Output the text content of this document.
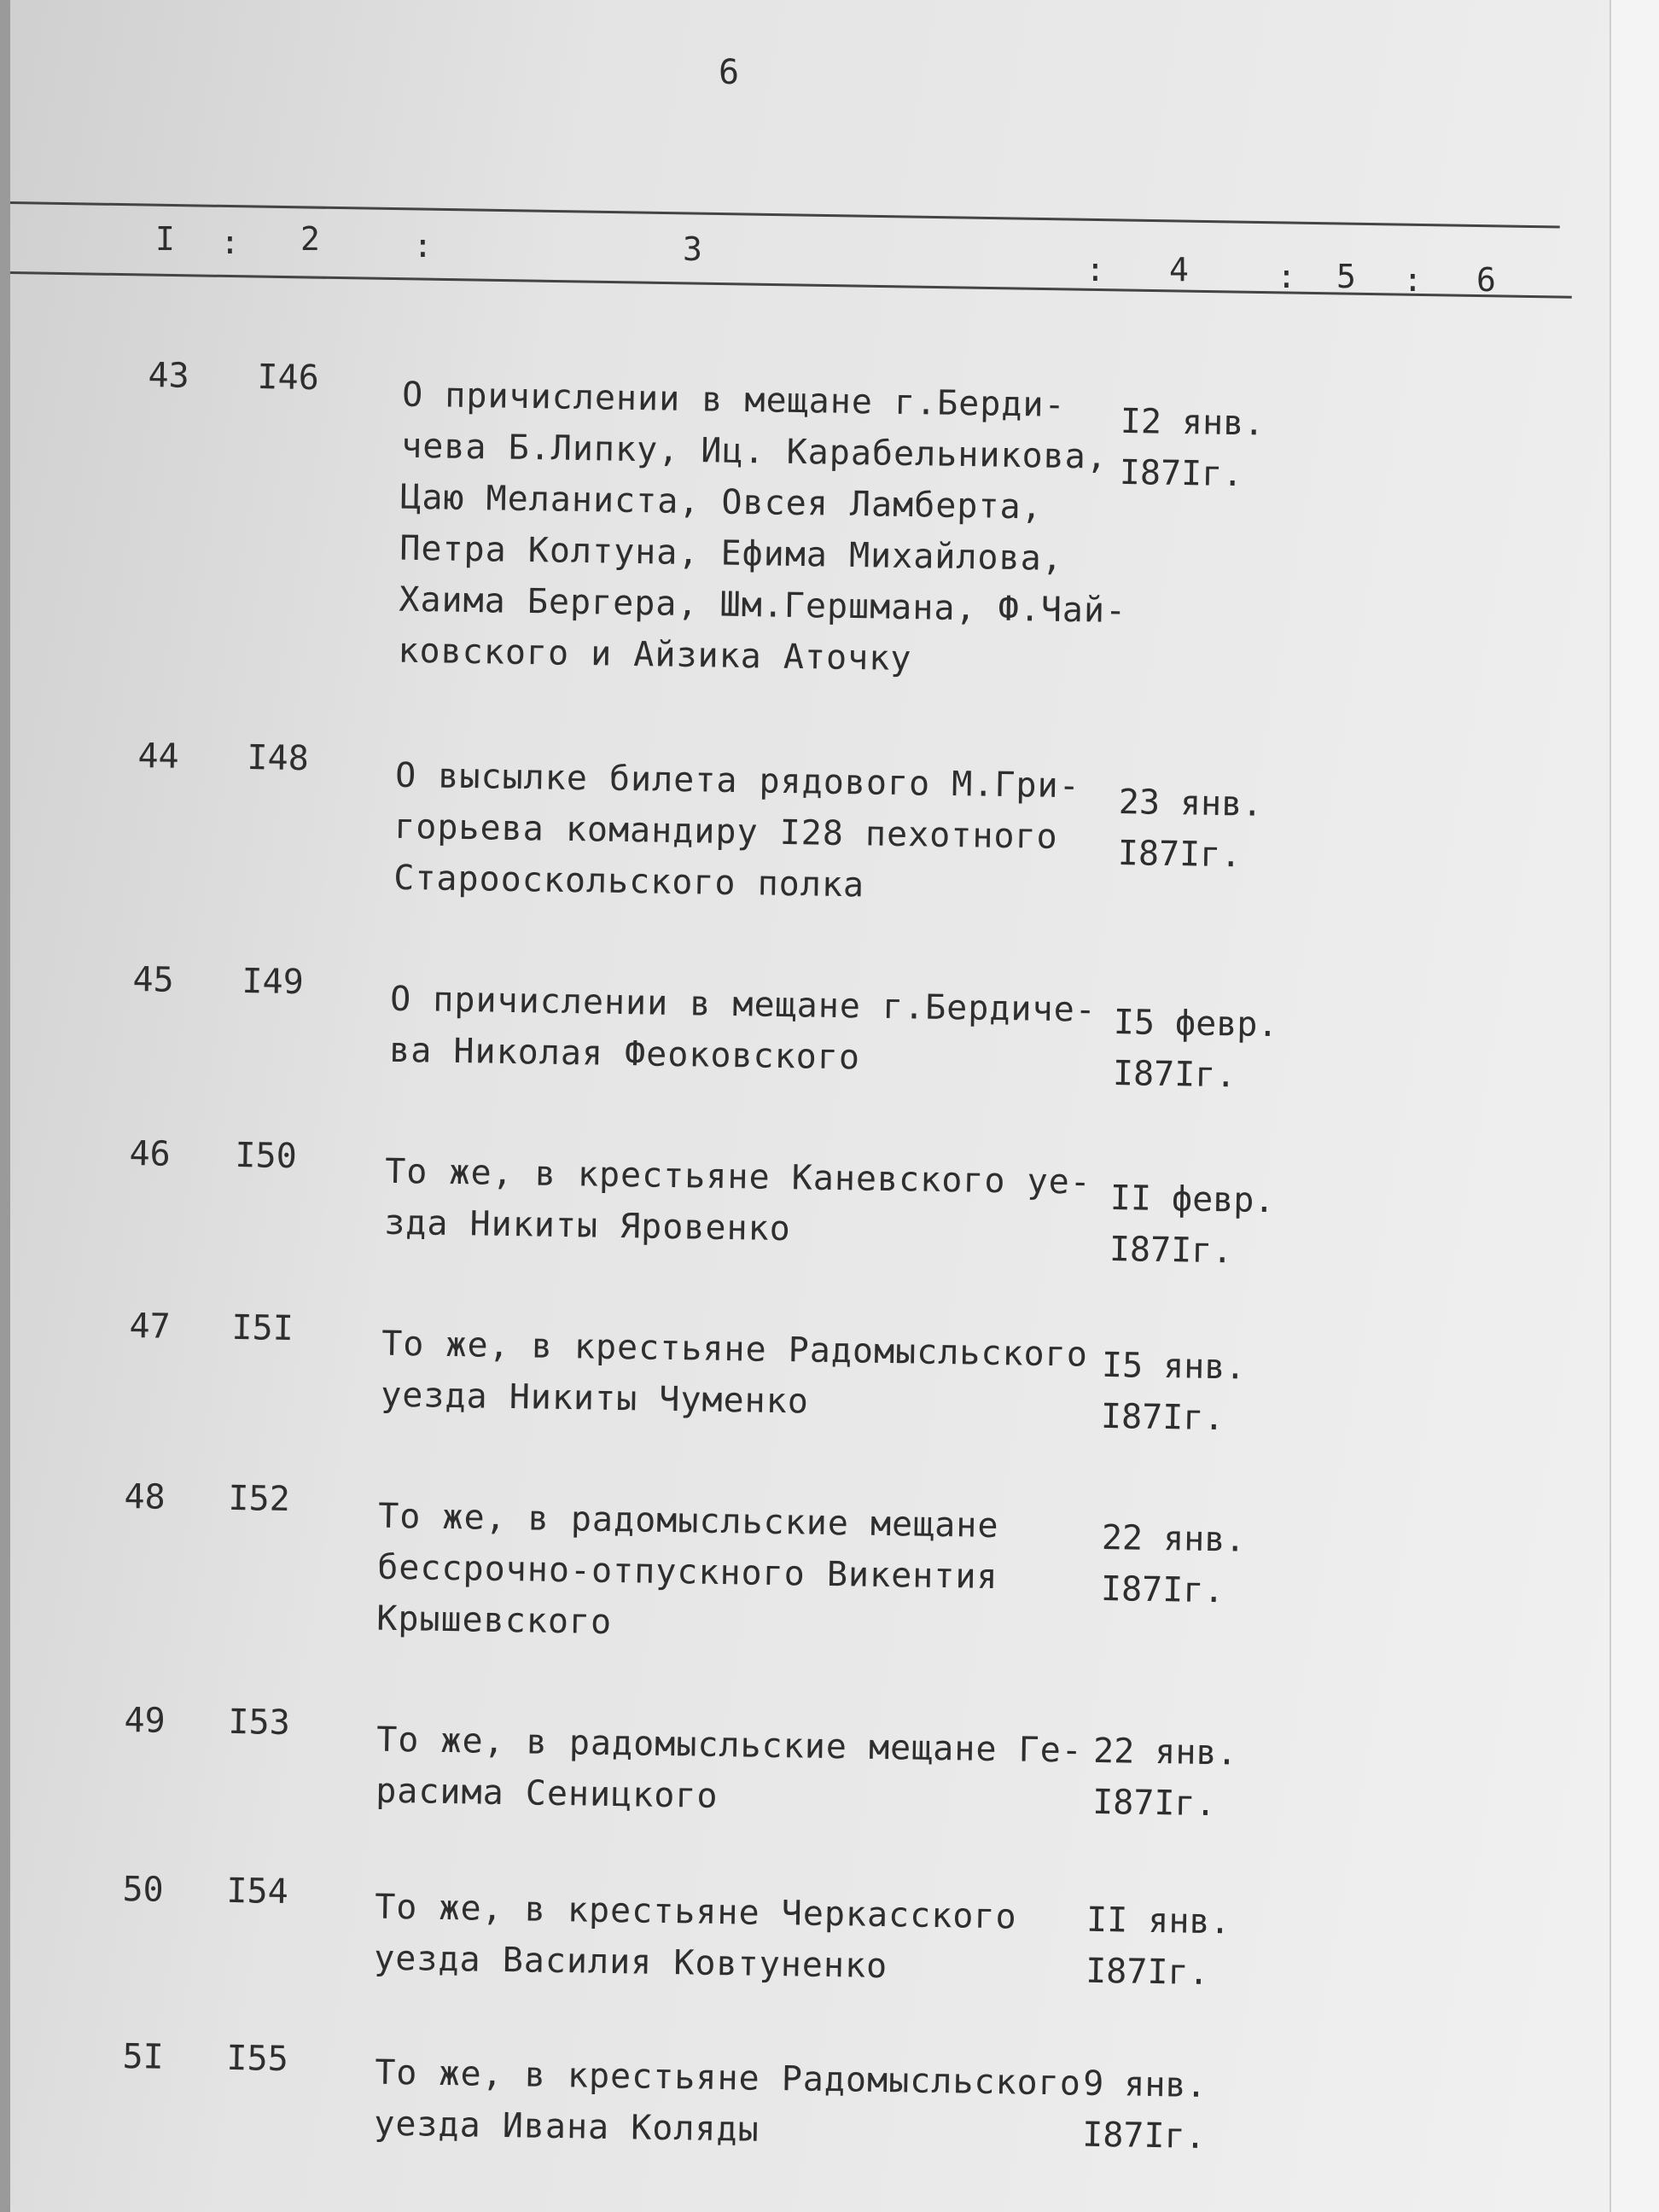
6
I : 2	:	3
: 4	: 5 : 6
43 I46 О причислении в мещане г.Берди-
чева Б.Липку, Иц. Карабельникова,
Цаю Меланиста, Овсея Ламберта,
Петра Колтуна, Ефима Михайлова,
Хаима Бергера, Шм.Гершмана, Ф.Чай-
ковского и Айзика Аточку
I2 янв.
I87Iг.
44 I48	О высылке билета рядового М.Гри-
горьева командиру I28 пехотного
Старооскольского полка
23 янв.
I87Iг.
45 I49	О причислении в мещане г.Бердиче-
ва Николая Феоковского
I5 февр.
I87Iг.
46 I50	То же, в крестьяне Каневского уе-
зда Никиты Яровенко
II февр.
I87Iг.
47 I5I	То же, в крестьяне Радомысльского
уезда Никиты Чуменко
I5 янв.
I87Iг.
48 I52	То же, в радомысльские мещане
бессрочно-отпускного Викентия
Крышевского
22 янв.
I87Iг.
49 I53	То же, в радомысльские мещане Ге-
расима Сеницкого
22 янв.
I87Iг.
50 I54	То же, в крестьяне Черкасского
уезда Василия Ковтуненко
II янв.
I87Iг.
5I I55	То же, в крестьяне Радомысльского
уезда Ивана Коляды
9 янв.
I87Iг.
